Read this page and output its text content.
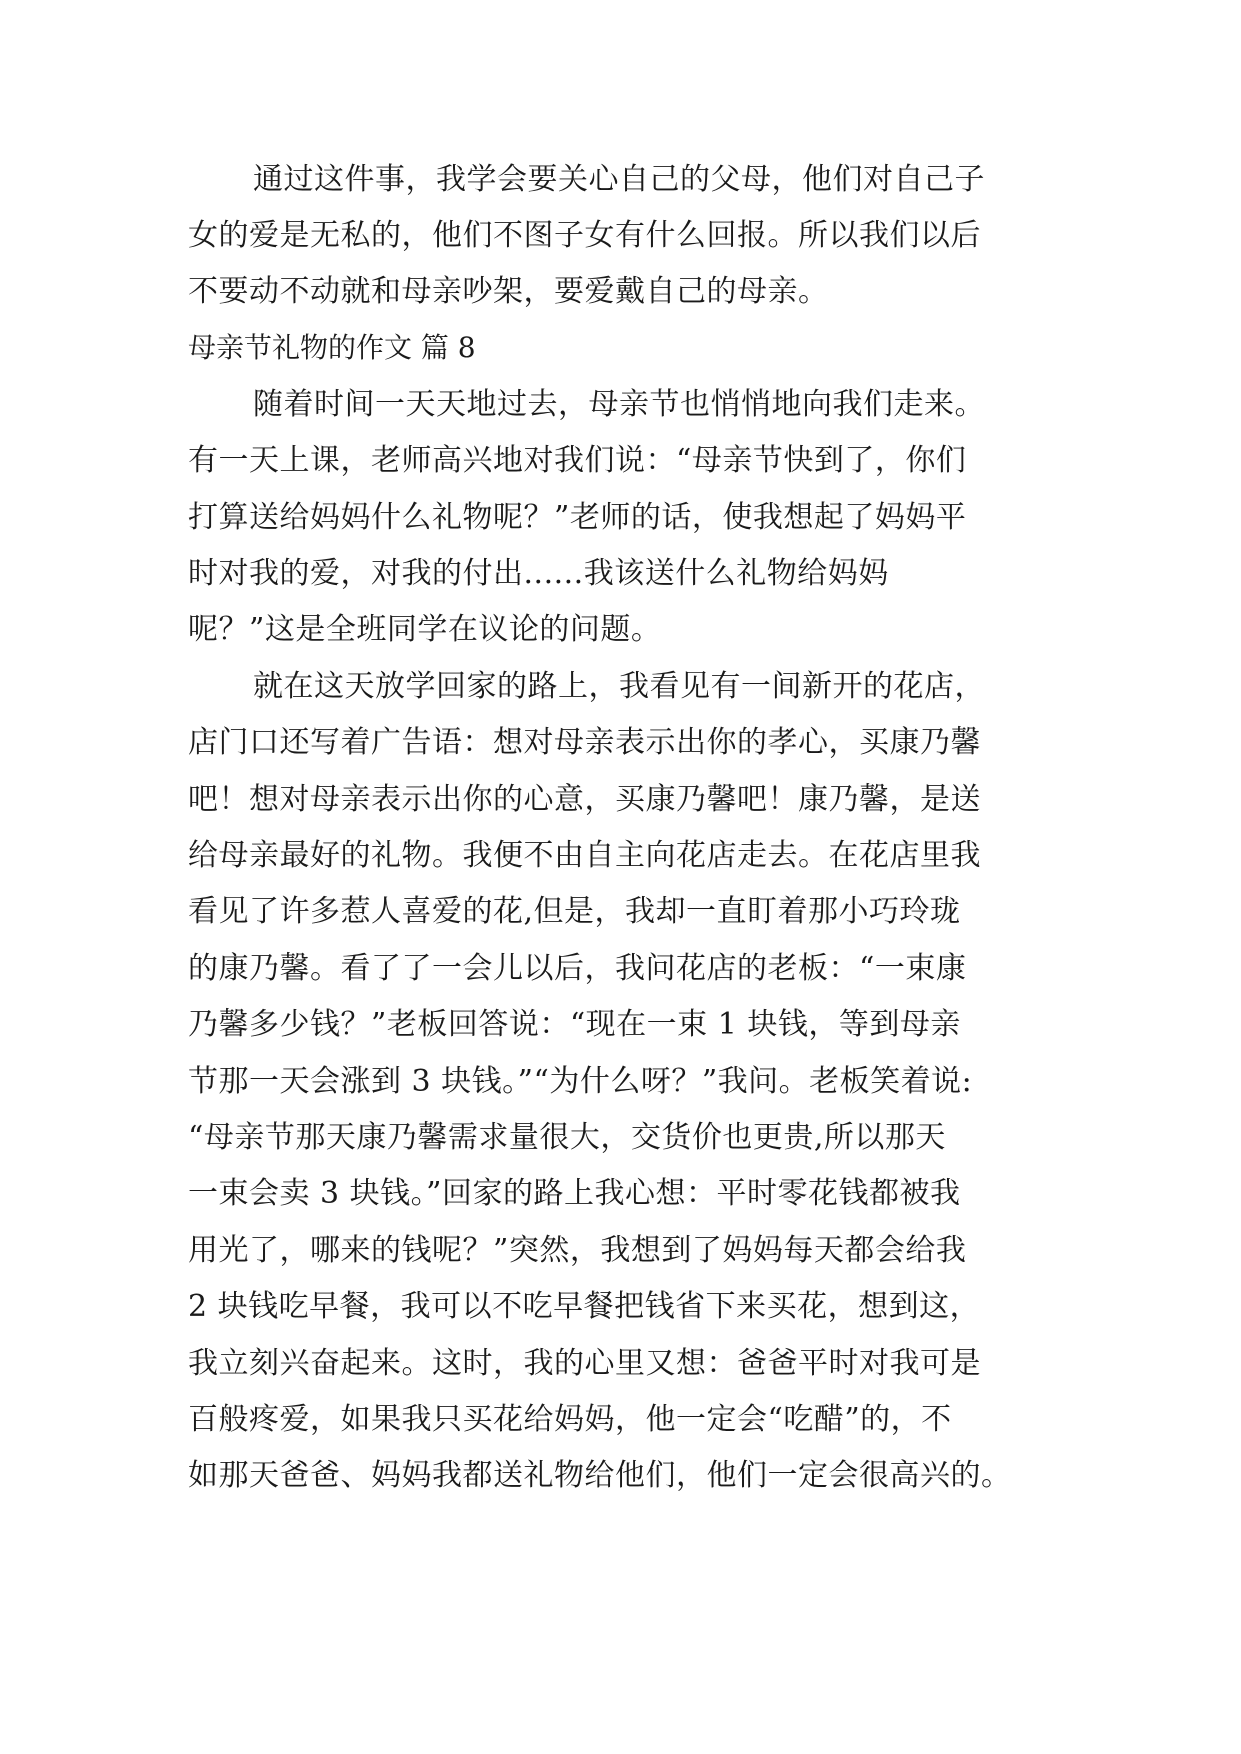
通过这件事，我学会要关心自己的父母，他们对自己子
女的爱是无私的，他们不图子女有什么回报。所以我们以后
不要动不动就和母亲吵架，要爱戴自己的母亲。
母亲节礼物的作文 篇 8
随着时间一天天地过去，母亲节也悄悄地向我们走来。
有一天上课，老师高兴地对我们说：“母亲节快到了，你们
打算送给妈妈什么礼物呢？”老师的话，使我想起了妈妈平
时对我的爱，对我的付出......我该送什么礼物给妈妈
呢？”这是全班同学在议论的问题。
就在这天放学回家的路上，我看见有一间新开的花店，
店门口还写着广告语：想对母亲表示出你的孝心，买康乃馨
吧！想对母亲表示出你的心意，买康乃馨吧！康乃馨，是送
给母亲最好的礼物。我便不由自主向花店走去。在花店里我
看见了许多惹人喜爱的花,但是，我却一直盯着那小巧玲珑
的康乃馨。看了了一会儿以后，我问花店的老板：“一束康
乃馨多少钱？”老板回答说：“现在一束 1 块钱，等到母亲
节那一天会涨到 3 块钱。”“为什么呀？”我问。老板笑着说:
“母亲节那天康乃馨需求量很大，交货价也更贵,所以那天
一束会卖 3 块钱。”回家的路上我心想：平时零花钱都被我
用光了，哪来的钱呢？”突然，我想到了妈妈每天都会给我
2 块钱吃早餐，我可以不吃早餐把钱省下来买花，想到这，
我立刻兴奋起来。这时，我的心里又想：爸爸平时对我可是
百般疼爱，如果我只买花给妈妈，他一定会“吃醋”的，不
如那天爸爸、妈妈我都送礼物给他们，他们一定会很高兴的。
